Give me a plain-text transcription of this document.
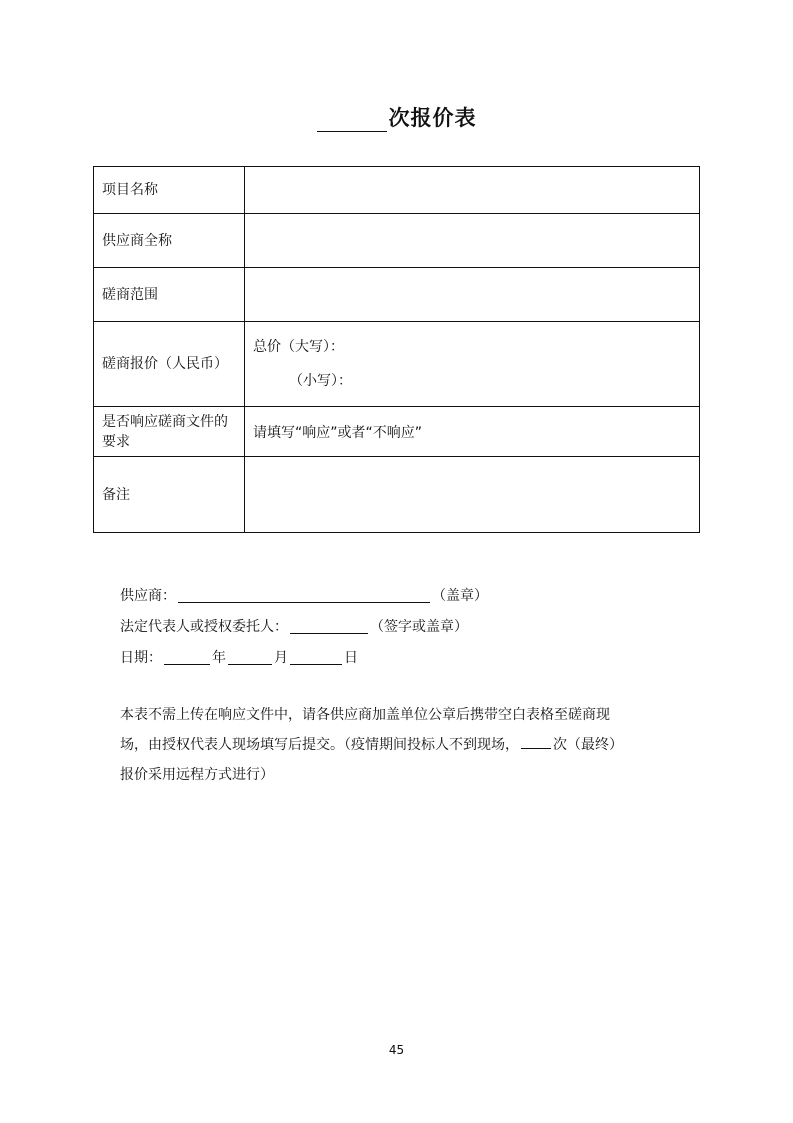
次报价表
项目名称	
供应商全称	
磋商范围	
磋商报价（人民币）	总价（大写）：
（小写）：

是否响应磋商文件的要求	请填写“响应”或者“不响应”
备注	
供应商：	（盖章）
法定代表人或授权委托人：	（签字或盖章）
日期：	年	月	日
本表不需上传在响应文件中，请各供应商加盖单位公章后携带空白表格至磋商现
场，由授权代表人现场填写后提交。（疫情期间投标人不到现场， 次（最终）
报价采用远程方式进行）
45
